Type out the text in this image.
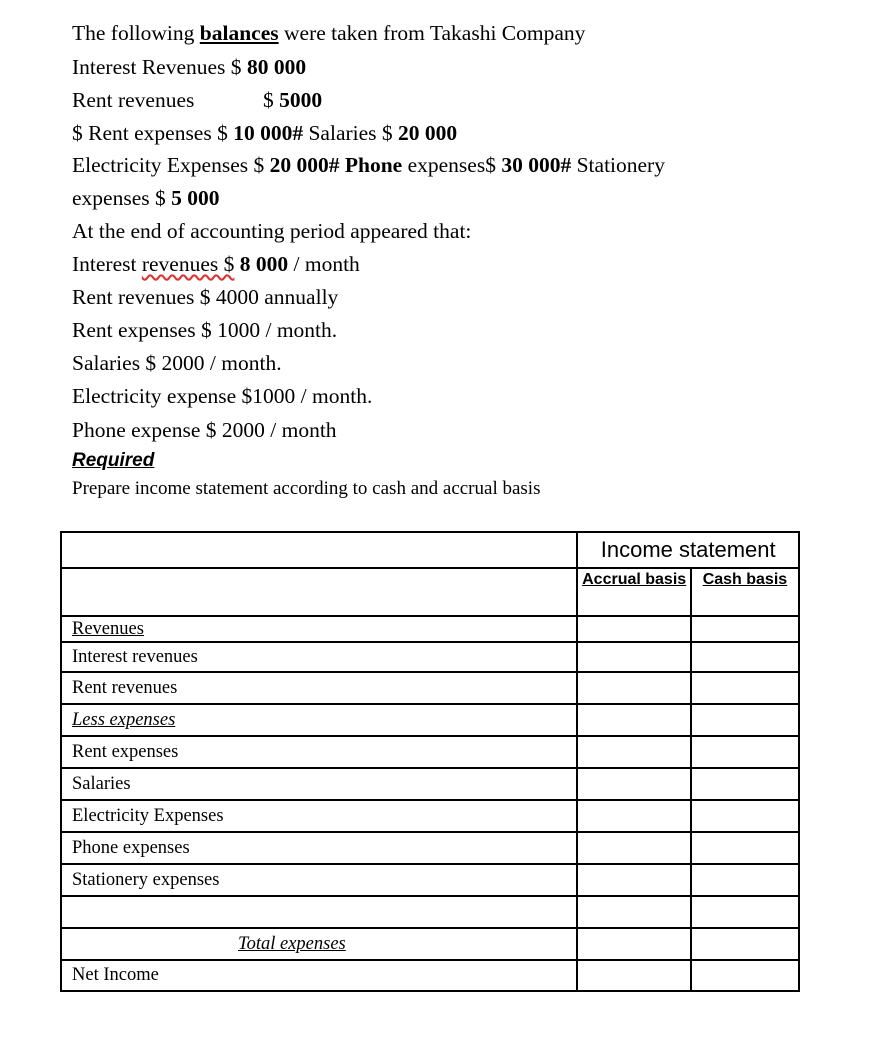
The following balances were taken from Takashi Company
Interest Revenues $ 80 000
Rent revenues	$ 5000
$ Rent expenses $ 10 000# Salaries $ 20 000
Electricity Expenses $ 20 000# Phone expenses$ 30 000# Stationery
expenses $ 5 000
At the end of accounting period appeared that:
Interest revenues $ 8 000 / month
Rent revenues $ 4000 annually
Rent expenses $ 1000 / month.
Salaries $ 2000 / month.
Electricity expense $1000 / month.
Phone expense $ 2000 / month
Required
Prepare income statement according to cash and accrual basis
	Income statement	

	Accrual basis	Cash basis

Revenues		
Interest revenues		
Rent revenues		
Less expenses		
Rent expenses		
Salaries		
Electricity Expenses		
Phone expenses		
Stationery expenses		

Total expenses		
Net Income		
